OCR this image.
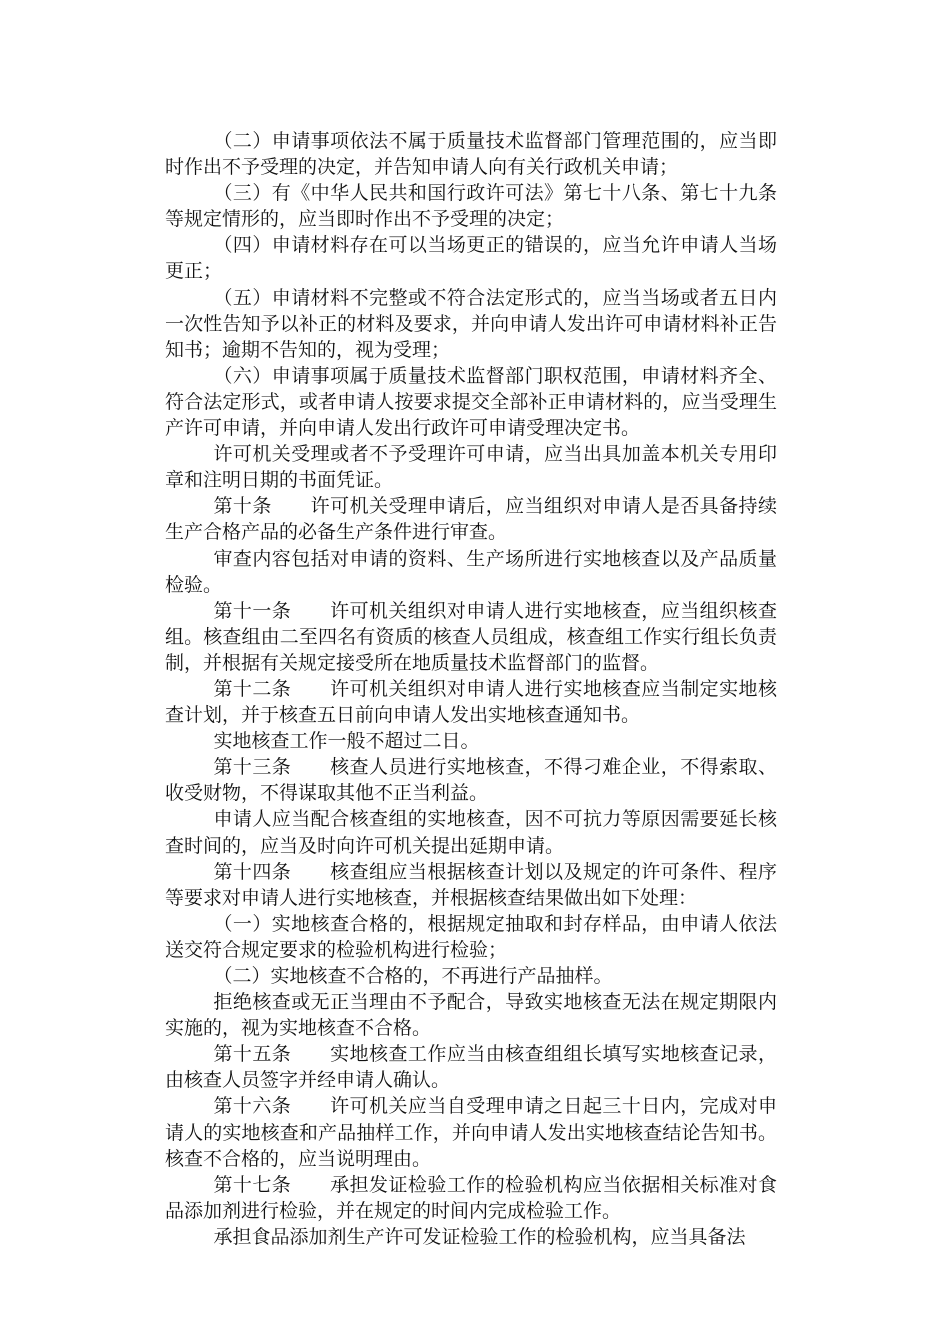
（二）申请事项依法不属于质量技术监督部门管理范围的，应当即时作出不予受理的决定，并告知申请人向有关行政机关申请；

（三）有《中华人民共和国行政许可法》第七十八条、第七十九条等规定情形的，应当即时作出不予受理的决定；

（四）申请材料存在可以当场更正的错误的，应当允许申请人当场更正；

（五）申请材料不完整或不符合法定形式的，应当当场或者五日内一次性告知予以补正的材料及要求，并向申请人发出许可申请材料补正告知书；逾期不告知的，视为受理；

（六）申请事项属于质量技术监督部门职权范围，申请材料齐全、符合法定形式，或者申请人按要求提交全部补正申请材料的，应当受理生产许可申请，并向申请人发出行政许可申请受理决定书。

许可机关受理或者不予受理许可申请，应当出具加盖本机关专用印章和注明日期的书面凭证。

第十条　　许可机关受理申请后，应当组织对申请人是否具备持续生产合格产品的必备生产条件进行审查。

审查内容包括对申请的资料、生产场所进行实地核查以及产品质量检验。

第十一条　　许可机关组织对申请人进行实地核查，应当组织核查组。核查组由二至四名有资质的核查人员组成，核查组工作实行组长负责制，并根据有关规定接受所在地质量技术监督部门的监督。

第十二条　　许可机关组织对申请人进行实地核查应当制定实地核查计划，并于核查五日前向申请人发出实地核查通知书。

实地核查工作一般不超过二日。

第十三条　　核查人员进行实地核查，不得刁难企业，不得索取、收受财物，不得谋取其他不正当利益。

申请人应当配合核查组的实地核查，因不可抗力等原因需要延长核查时间的，应当及时向许可机关提出延期申请。

第十四条　　核查组应当根据核查计划以及规定的许可条件、程序等要求对申请人进行实地核查，并根据核查结果做出如下处理：

（一）实地核查合格的，根据规定抽取和封存样品，由申请人依法送交符合规定要求的检验机构进行检验；

（二）实地核查不合格的，不再进行产品抽样。

拒绝核查或无正当理由不予配合，导致实地核查无法在规定期限内实施的，视为实地核查不合格。

第十五条　　实地核查工作应当由核查组组长填写实地核查记录，由核查人员签字并经申请人确认。

第十六条　　许可机关应当自受理申请之日起三十日内，完成对申请人的实地核查和产品抽样工作，并向申请人发出实地核查结论告知书。核查不合格的，应当说明理由。

第十七条　　承担发证检验工作的检验机构应当依据相关标准对食品添加剂进行检验，并在规定的时间内完成检验工作。

承担食品添加剂生产许可发证检验工作的检验机构，应当具备法
